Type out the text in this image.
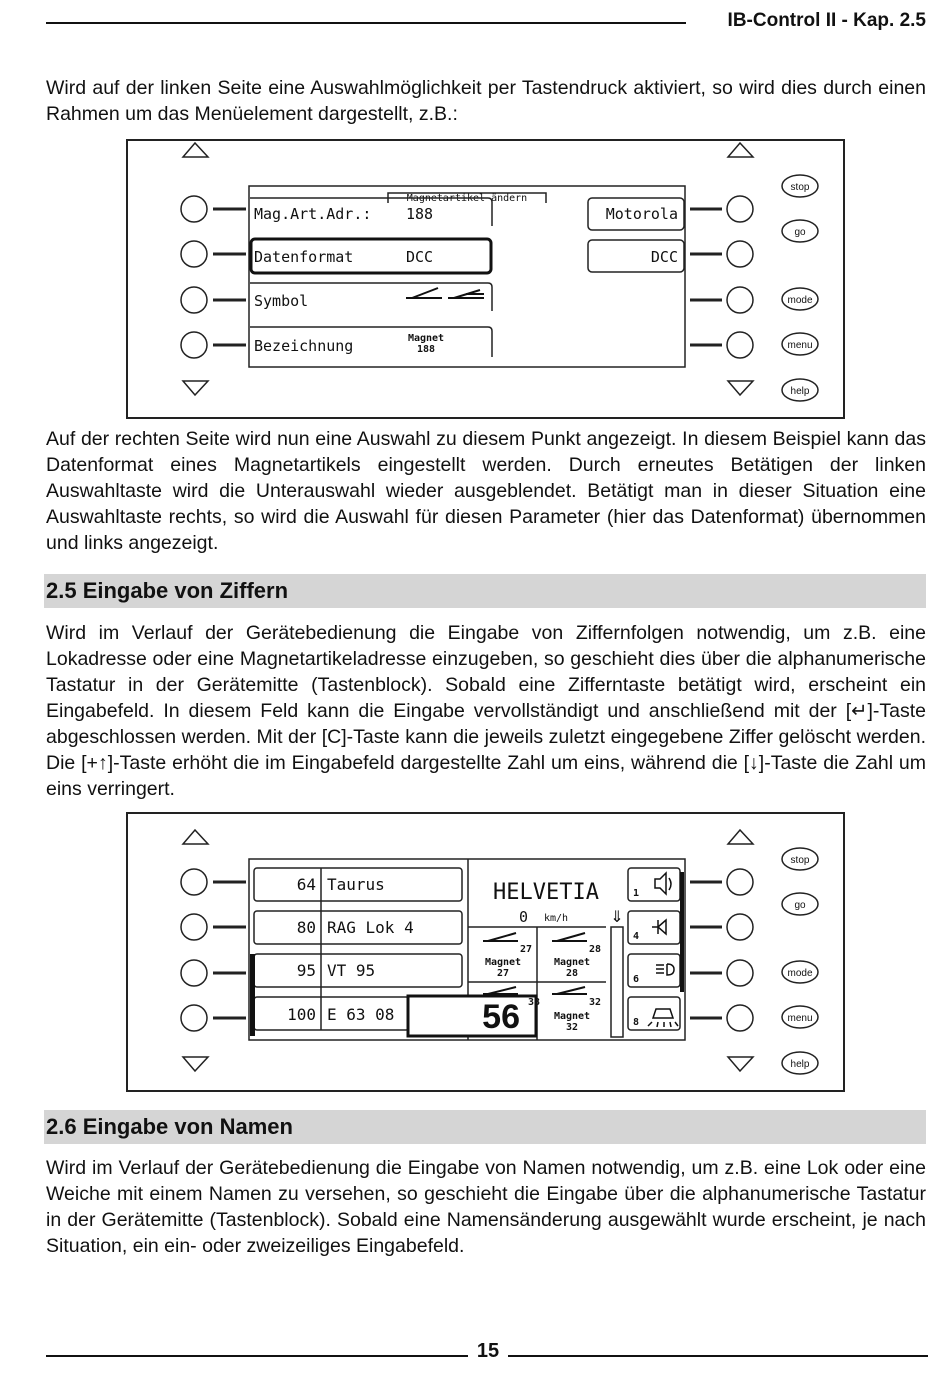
IB-Control II - Kap. 2.5
Wird auf der linken Seite eine Auswahlmöglichkeit per Tastendruck aktiviert, so wird dies durch einen Rahmen um das Menüelement dargestellt, z.B.:
Magnetartikel ändern
Mag.Art.Adr.: 188
Datenformat	DCC
Symbol
Bezeichnung	Magnet
188
Motorola
DCC
stop
go
mode
menu
help
Auf der rechten Seite wird nun eine Auswahl zu diesem Punkt angezeigt. In diesem Beispiel kann das Datenformat eines Magnetartikels eingestellt werden. Durch erneutes Betätigen der linken Auswahltaste wird die Unterauswahl wieder ausgeblendet. Betätigt man in dieser Situation eine Auswahltaste rechts, so wird die Auswahl für diesen Parameter (hier das Datenformat) übernommen und links angezeigt.
2.5 Eingabe von Ziffern
Wird im Verlauf der Gerätebedienung die Eingabe von Ziffernfolgen notwendig, um z.B. eine Lokadresse oder eine Magnetartikeladresse einzugeben, so geschieht dies über die alphanumerische Tastatur in der Gerätemitte (Tastenblock). Sobald eine Zifferntaste betätigt wird, erscheint ein Eingabefeld. In diesem Feld kann die Eingabe vervollständigt und anschließend mit der [↵]-Taste abgeschlossen werden. Mit der [C]-Taste kann die jeweils zuletzt eingegebene Ziffer gelöscht werden. Die [+↑]-Taste erhöht die im Eingabefeld dargestellte Zahl um eins, während die [↓]-Taste die Zahl um eins verringert.
64 Taurus
80 RAG Lok 4
95 VT 95
100 E 63 08
HELVETIA
0 km/h
27
Magnet
27
28
Magnet
28
32
Magnet
32
38
56
⇓
1
4
6
8
stop
go
mode
menu
help
2.6 Eingabe von Namen
Wird im Verlauf der Gerätebedienung die Eingabe von Namen notwendig, um z.B. eine Lok oder eine Weiche mit einem Namen zu versehen, so geschieht die Eingabe über die alphanumerische Tastatur in der Gerätemitte (Tastenblock). Sobald eine Namensänderung ausgewählt wurde erscheint, je nach Situation, ein ein- oder zweizeiliges Eingabefeld.
15
